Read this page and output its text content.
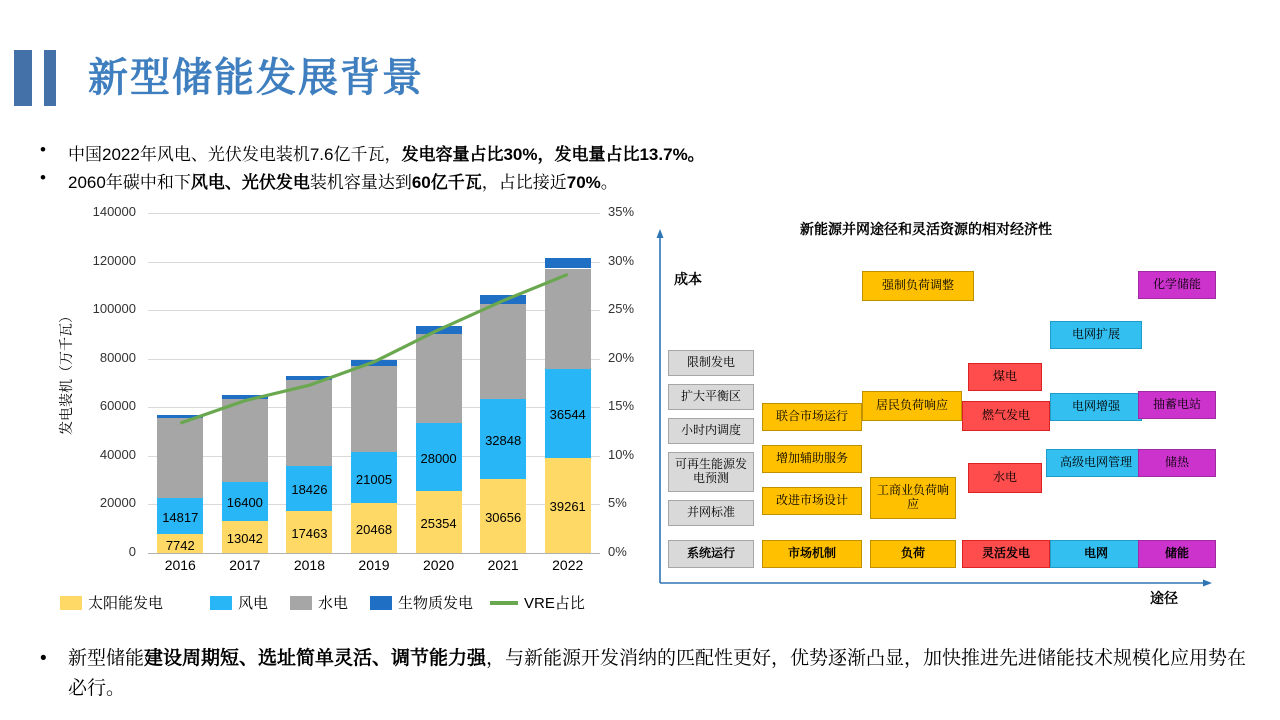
新型储能发展背景
• 中国2022年风电、光伏发电装机7.6亿千瓦，发电容量占比30%，发电量占比13.7%。
• 2060年碳中和下风电、光伏发电装机容量达到60亿千瓦，占比接近70%。
发电装机（万千瓦）
0
20000
40000
60000
80000
100000
120000
140000
0%
5%
10%
15%
20%
25%
30%
35%
2016	2017	2018	2019	2020	2021	2022
7742
14817
13042
16400
17463
18426
20468
21005
25354
28000
30656
32848
39261
36544
太阳能发电	风电	水电	生物质发电	VRE占比
新能源并网途径和灵活资源的相对经济性
成本
途径
限制发电
扩大平衡区
小时内调度
可再生能源发电预测
并网标准
联合市场运行
增加辅助服务
改进市场设计
强制负荷调整
居民负荷响应
工商业负荷响应
煤电
燃气发电
水电
电网扩展
电网增强
高级电网管理
化学储能
抽蓄电站
储热
系统运行	市场机制	负荷	灵活发电	电网	储能
• 新型储能建设周期短、选址简单灵活、调节能力强，与新能源开发消纳的匹配性更好，优势逐渐凸显，加快推进先进储能技术规模化应用势在必行。
